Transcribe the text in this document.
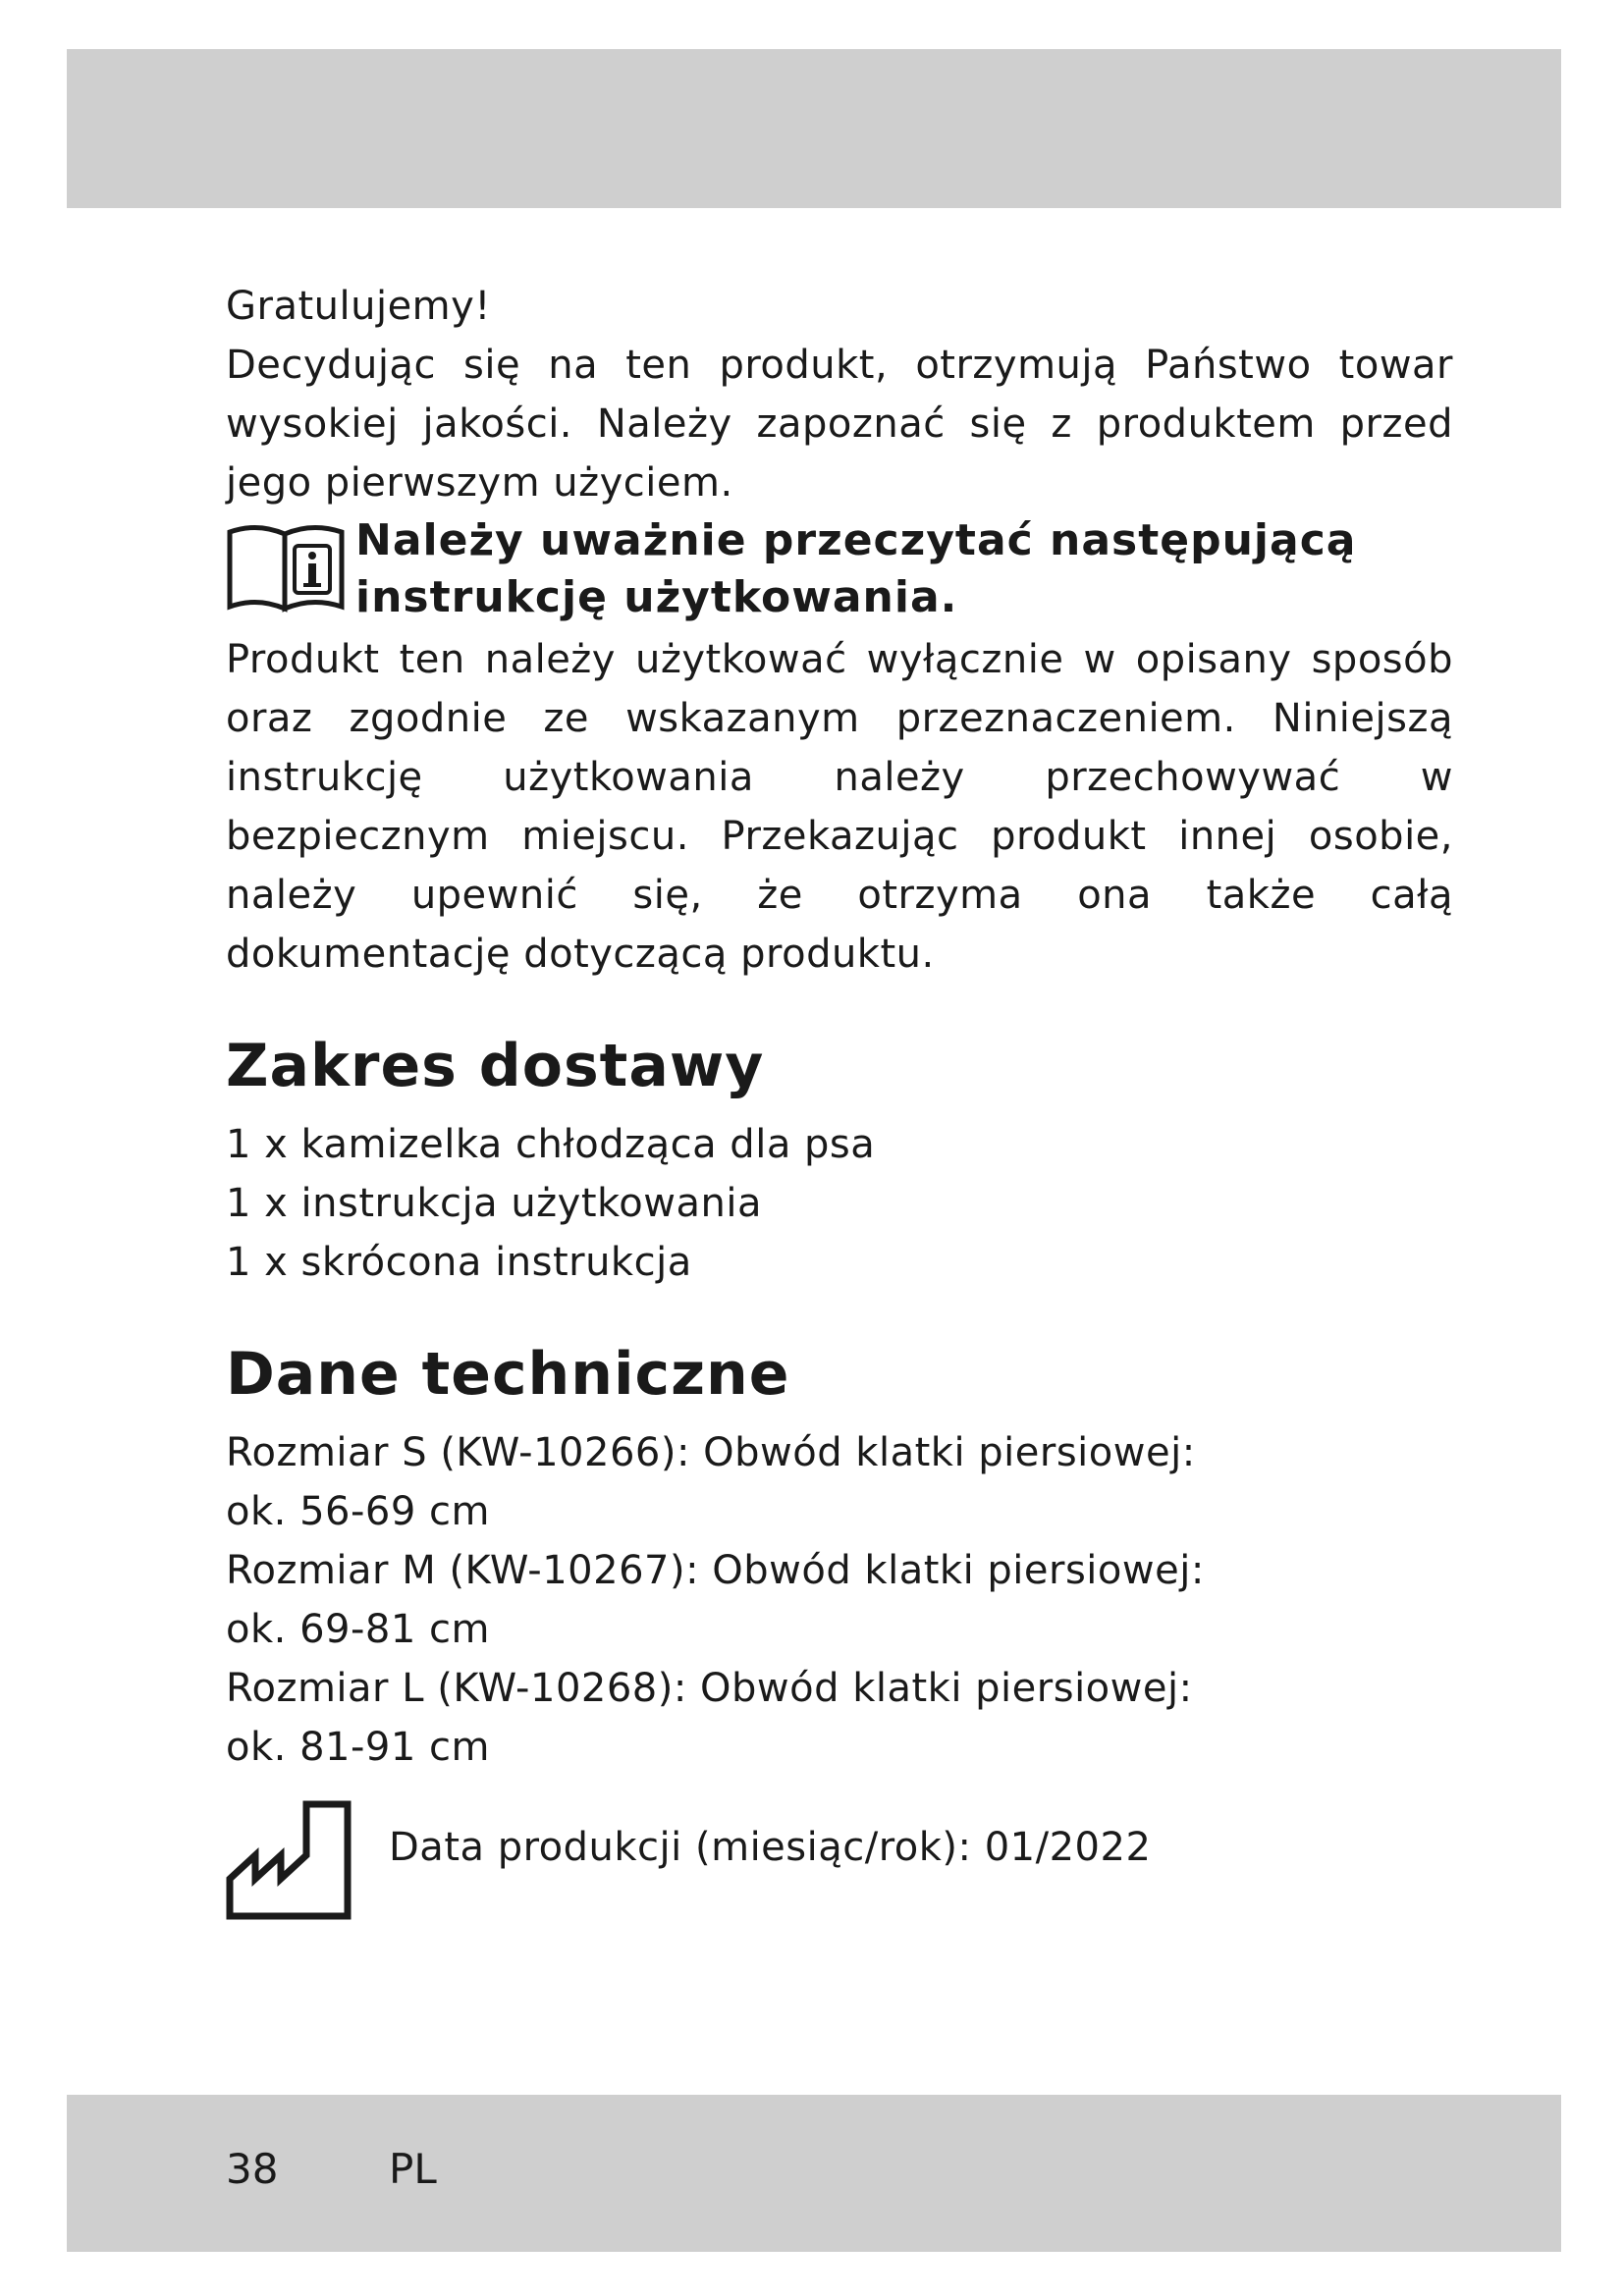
Gratulujemy!

Decydując się na ten produkt, otrzymują Państwo towar wysokiej jakości. Należy zapoznać się z produktem przed jego pierwszym użyciem.

Należy uważnie przeczytać następującą instrukcję użytkowania.

Produkt ten należy użytkować wyłącznie w opisany sposób oraz zgodnie ze wskazanym przeznaczeniem. Niniejszą instrukcję użytkowania należy przechowywać w bezpiecznym miejscu. Przekazując produkt innej osobie, należy upewnić się, że otrzyma ona także całą dokumentację dotyczącą produktu.

Zakres dostawy

1 x kamizelka chłodząca dla psa

1 x instrukcja użytkowania

1 x skrócona instrukcja

Dane techniczne

Rozmiar S (KW-10266): Obwód klatki piersiowej:

ok. 56-69 cm

Rozmiar M (KW-10267): Obwód klatki piersiowej:

ok. 69-81 cm

Rozmiar L (KW-10268): Obwód klatki piersiowej:

ok. 81-91 cm

Data produkcji (miesiąc/rok): 01/2022

38	PL
